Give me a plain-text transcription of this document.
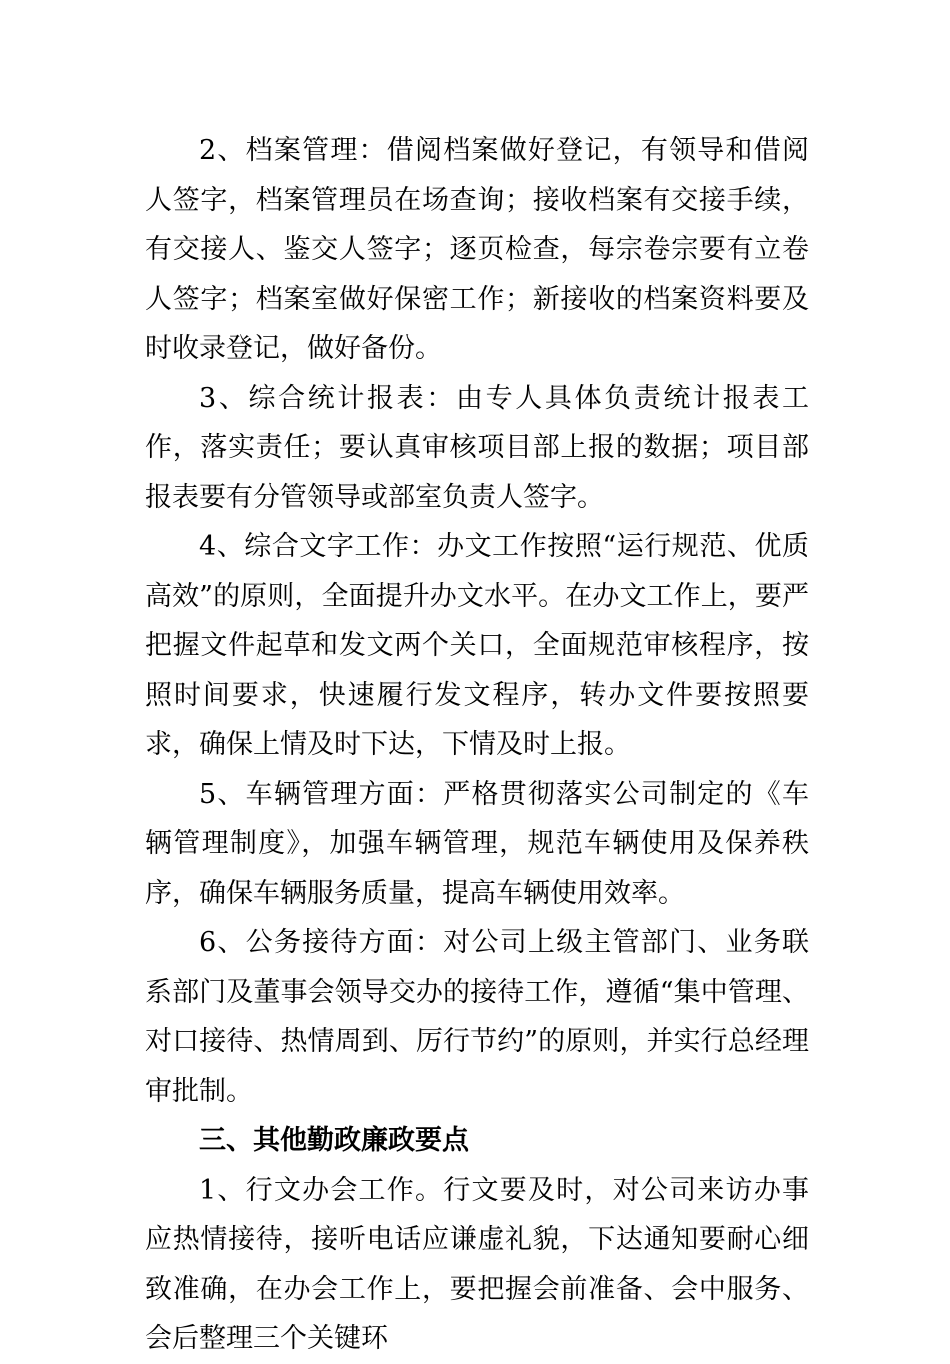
2、档案管理：借阅档案做好登记，有领导和借阅人签字，档案管理员在场查询；接收档案有交接手续，有交接人、鉴交人签字；逐页检查，每宗卷宗要有立卷人签字；档案室做好保密工作；新接收的档案资料要及时收录登记，做好备份。

3、综合统计报表：由专人具体负责统计报表工作，落实责任；要认真审核项目部上报的数据；项目部报表要有分管领导或部室负责人签字。

4、综合文字工作：办文工作按照“运行规范、优质高效”的原则，全面提升办文水平。在办文工作上，要严把握文件起草和发文两个关口，全面规范审核程序，按照时间要求，快速履行发文程序，转办文件要按照要求，确保上情及时下达，下情及时上报。

5、车辆管理方面：严格贯彻落实公司制定的《车辆管理制度》，加强车辆管理，规范车辆使用及保养秩序，确保车辆服务质量，提高车辆使用效率。

6、公务接待方面：对公司上级主管部门、业务联系部门及董事会领导交办的接待工作，遵循“集中管理、对口接待、热情周到、厉行节约”的原则，并实行总经理审批制。

三、其他勤政廉政要点

1、行文办会工作。行文要及时，对公司来访办事应热情接待，接听电话应谦虚礼貌，下达通知要耐心细致准确，在办会工作上，要把握会前准备、会中服务、会后整理三个关键环
